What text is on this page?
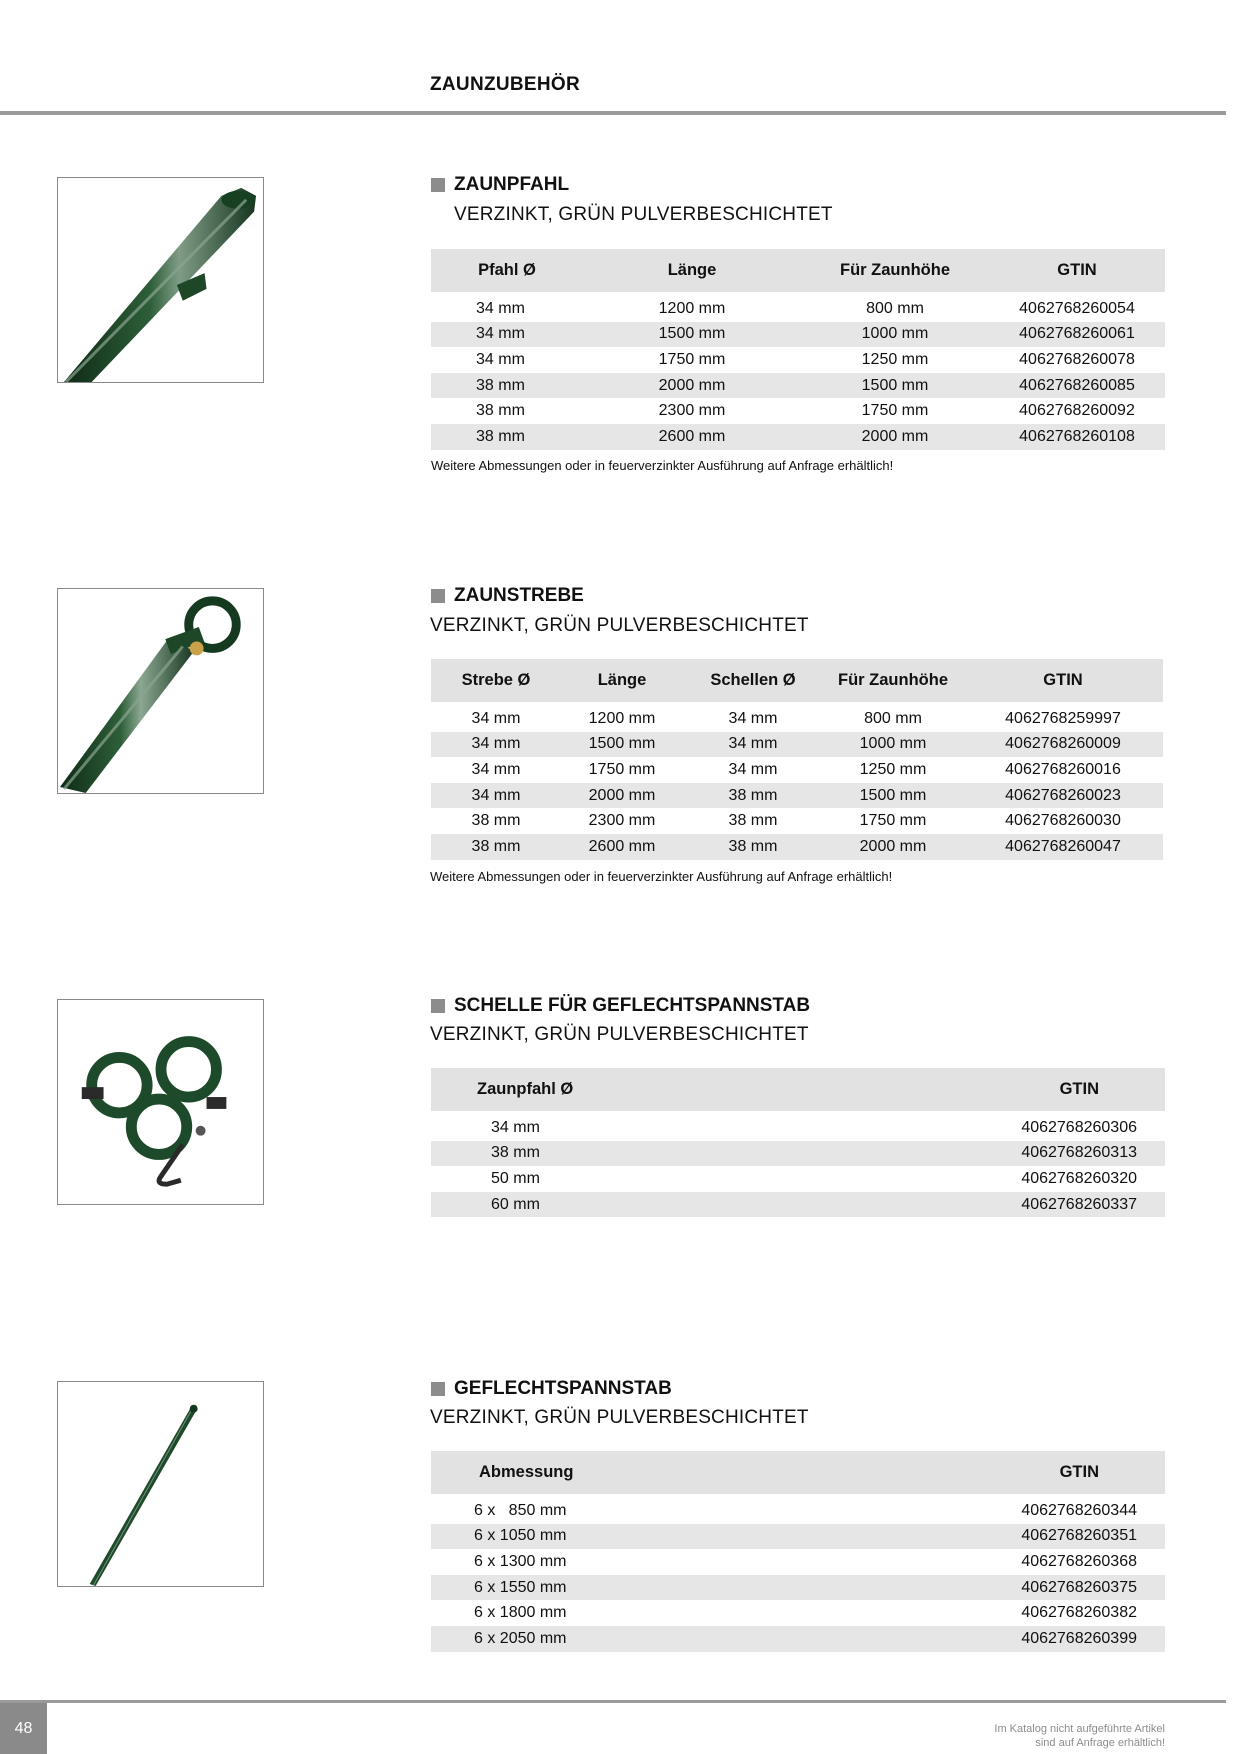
ZAUNZUBEHÖR
ZAUNPFAHL
VERZINKT, GRÜN PULVERBESCHICHTET
Pfahl Ø	Länge	Für Zaunhöhe	GTIN

34 mm	1200 mm	800 mm	4062768260054
34 mm	1500 mm	1000 mm	4062768260061
34 mm	1750 mm	1250 mm	4062768260078
38 mm	2000 mm	1500 mm	4062768260085
38 mm	2300 mm	1750 mm	4062768260092
38 mm	2600 mm	2000 mm	4062768260108
Weitere Abmessungen oder in feuerverzinkter Ausführung auf Anfrage erhältlich!
ZAUNSTREBE
VERZINKT, GRÜN PULVERBESCHICHTET
Strebe Ø	Länge	Schellen Ø	Für Zaunhöhe	GTIN

34 mm	1200 mm	34 mm	800 mm	4062768259997
34 mm	1500 mm	34 mm	1000 mm	4062768260009
34 mm	1750 mm	34 mm	1250 mm	4062768260016
34 mm	2000 mm	38 mm	1500 mm	4062768260023
38 mm	2300 mm	38 mm	1750 mm	4062768260030
38 mm	2600 mm	38 mm	2000 mm	4062768260047
Weitere Abmessungen oder in feuerverzinkter Ausführung auf Anfrage erhältlich!
SCHELLE FÜR GEFLECHTSPANNSTAB
VERZINKT, GRÜN PULVERBESCHICHTET
Zaunpfahl Ø	GTIN

34 mm	4062768260306
38 mm	4062768260313
50 mm	4062768260320
60 mm	4062768260337
GEFLECHTSPANNSTAB
VERZINKT, GRÜN PULVERBESCHICHTET
Abmessung	GTIN

6 x   850 mm	4062768260344
6 x 1050 mm	4062768260351
6 x 1300 mm	4062768260368
6 x 1550 mm	4062768260375
6 x 1800 mm	4062768260382
6 x 2050 mm	4062768260399
48	Im Katalog nicht aufgeführte Artikel
sind auf Anfrage erhältlich!
